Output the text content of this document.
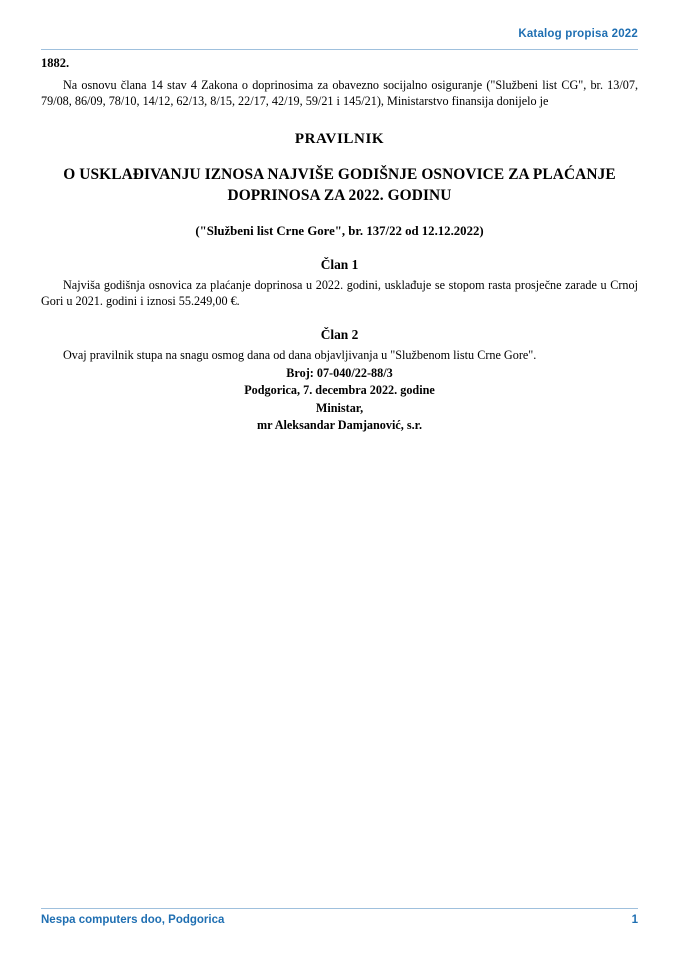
Katalog propisa 2022
1882.

Na osnovu člana 14 stav 4 Zakona o doprinosima za obavezno socijalno osiguranje ("Službeni list CG", br. 13/07, 79/08, 86/09, 78/10, 14/12, 62/13, 8/15, 22/17, 42/19, 59/21 i 145/21), Ministarstvo finansija donijelo je

PRAVILNIK
O USKLAĐIVANJU IZNOSA NAJVIŠE GODIŠNJE OSNOVICE ZA PLAĆANJE DOPRINOSA ZA 2022. GODINU
("Službeni list Crne Gore", br. 137/22 od 12.12.2022)
Član 1

Najviša godišnja osnovica za plaćanje doprinosa u 2022. godini, usklađuje se stopom rasta prosječne zarade u Crnoj Gori u 2021. godini i iznosi 55.249,00 €.

Član 2

Ovaj pravilnik stupa na snagu osmog dana od dana objavljivanja u "Službenom listu Crne Gore".

Broj: 07-040/22-88/3

Podgorica, 7. decembra 2022. godine

Ministar,

mr Aleksandar Damjanović, s.r.

Nespa computers doo, Podgorica	1
